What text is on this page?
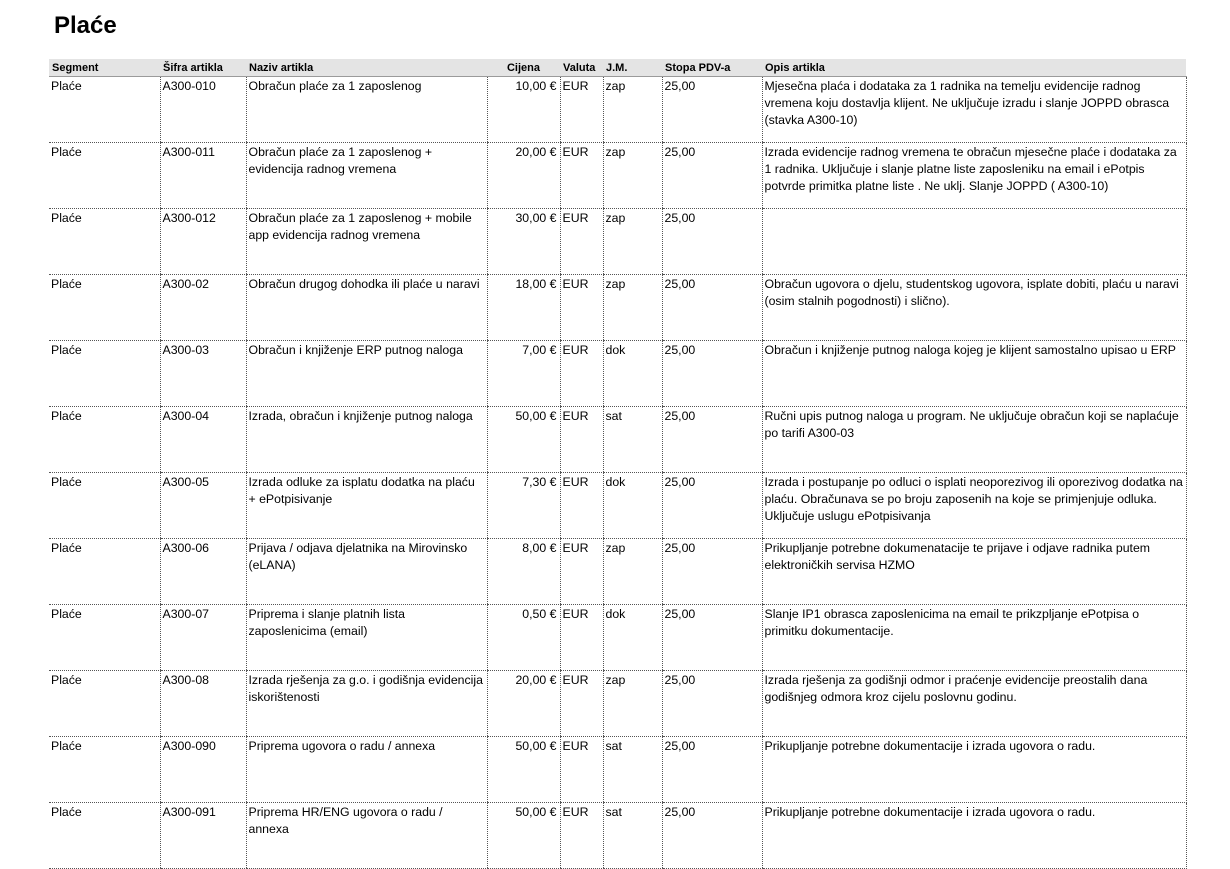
Plaće
Segment	Šifra artikla	Naziv artikla	Cijena	Valuta	J.M.	Stopa PDV-a	Opis artikla
Plaće	A300-010	Obračun plaće za 1 zaposlenog	10,00 €	EUR	zap	25,00	Mjesečna plaća i dodataka za 1 radnika na temelju evidencije radnog vremena koju dostavlja klijent. Ne uključuje izradu i slanje JOPPD obrasca (stavka A300-10)
Plaće	A300-011	Obračun plaće za 1 zaposlenog + evidencija radnog vremena	20,00 €	EUR	zap	25,00	Izrada evidencije radnog vremena te obračun mjesečne plaće i dodataka za 1 radnika. Uključuje i slanje platne liste zaposleniku na email i ePotpis potvrde primitka platne liste . Ne uklj. Slanje JOPPD ( A300-10)
Plaće	A300-012	Obračun plaće za 1 zaposlenog + mobile app evidencija radnog vremena	30,00 €	EUR	zap	25,00	
Plaće	A300-02	Obračun drugog dohodka ili plaće u naravi	18,00 €	EUR	zap	25,00	Obračun ugovora o djelu, studentskog ugovora, isplate dobiti, plaću u naravi (osim stalnih pogodnosti) i slično).
Plaće	A300-03	Obračun i knjiženje ERP putnog naloga	7,00 €	EUR	dok	25,00	Obračun i knjiženje putnog naloga kojeg je klijent samostalno upisao u ERP
Plaće	A300-04	Izrada, obračun i knjiženje putnog naloga	50,00 €	EUR	sat	25,00	Ručni upis putnog naloga u program. Ne uključuje obračun koji se naplaćuje po tarifi A300-03
Plaće	A300-05	Izrada odluke za isplatu dodatka na plaću + ePotpisivanje	7,30 €	EUR	dok	25,00	Izrada i postupanje po odluci o isplati neoporezivog ili oporezivog dodatka na plaću. Obračunava se po broju zaposenih na koje se primjenjuje odluka. Uključuje uslugu ePotpisivanja
Plaće	A300-06	Prijava / odjava djelatnika na Mirovinsko (eLANA)	8,00 €	EUR	zap	25,00	Prikupljanje potrebne dokumenatacije te prijave i odjave radnika putem elektroničkih servisa HZMO
Plaće	A300-07	Priprema i slanje platnih lista zaposlenicima (email)	0,50 €	EUR	dok	25,00	Slanje IP1 obrasca zaposlenicima na email te prikzpljanje ePotpisa o primitku dokumentacije.
Plaće	A300-08	Izrada rješenja za g.o. i godišnja evidencija iskorištenosti	20,00 €	EUR	zap	25,00	Izrada rješenja za godišnji odmor i praćenje evidencije preostalih dana godišnjeg odmora kroz cijelu poslovnu godinu.
Plaće	A300-090	Priprema ugovora o radu / annexa	50,00 €	EUR	sat	25,00	Prikupljanje potrebne dokumentacije i izrada ugovora o radu.
Plaće	A300-091	Priprema HR/ENG ugovora o radu / annexa	50,00 €	EUR	sat	25,00	Prikupljanje potrebne dokumentacije i izrada ugovora o radu.
